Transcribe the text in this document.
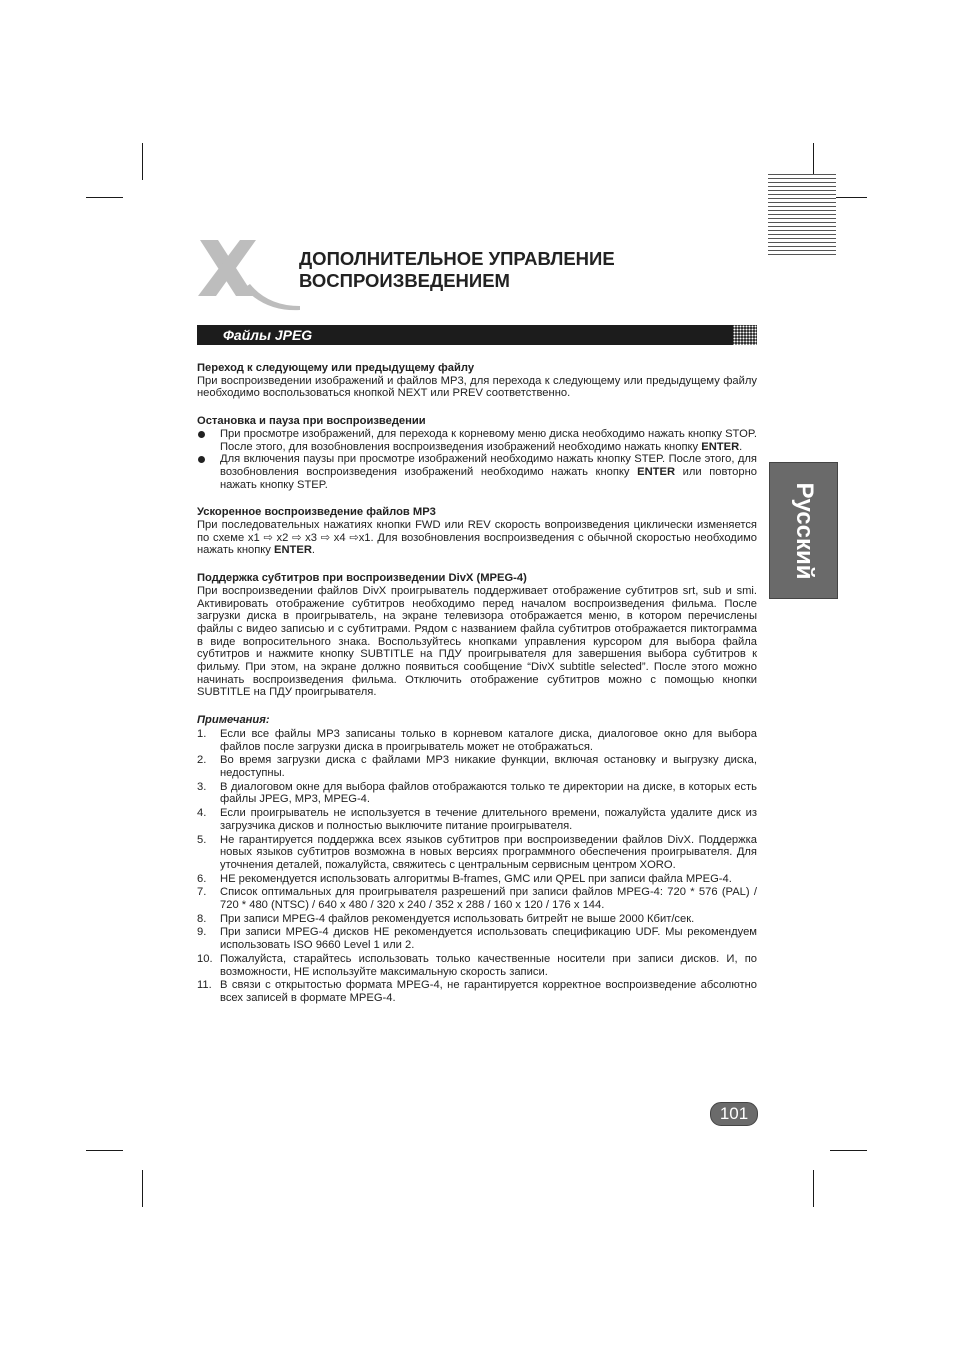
Русский
ДОПОЛНИТЕЛЬНОЕ УПРАВЛЕНИЕ
ВОСПРОИЗВЕДЕНИЕМ
Файлы JPEG

Переход к следующему или предыдущему файлу

При воспроизведении изображений и файлов MP3, для перехода к следующему или предыдущему файлу необходимо воспользоваться кнопкой NEXT или PREV соответственно.

Остановка и пауза при воспроизведении

При просмотре изображений, для перехода к корневому меню диска необходимо нажать кнопку STOP. После этого, для возобновления воспроизведения изображений необходимо нажать кнопку ENTER.

Для включения паузы при просмотре изображений необходимо нажать кнопку STEP. После этого, для возобновления воспроизведения изображений необходимо нажать кнопку ENTER или повторно нажать кнопку STEP.

Ускоренное воспроизведение файлов MP3

При последовательных нажатиях кнопки FWD или REV скорость вопроизведения циклически изменяется по схеме x1 ⇨ x2 ⇨ x3 ⇨ x4 ⇨x1. Для возобновления воспроизведения с обычной скоростью необходимо нажать кнопку ENTER.

Поддержка субтитров при воспроизведении DivX (MPEG-4)

При воспроизведении файлов DivX проигрыватель поддерживает отображение субтитров srt, sub и smi. Активировать отображение субтитров необходимо перед началом воспроизведения фильма. После загрузки диска в проигрыватель, на экране телевизора отображается меню, в котором перечислены файлы с видео записью и с субтитрами. Рядом с названием файла субтитров отображается пиктограмма в виде вопросительного знака. Воспользуйтесь кнопками управления курсором для выбора файла субтитров и нажмите кнопку SUBTITLE на ПДУ проигрывателя для завершения выбора субтитров к фильму. При этом, на экране должно появиться сообщение “DivX subtitle selected”. После этого можно начинать воспроизведения фильма. Отключить отображение субтитров можно с помощью кнопки SUBTITLE на ПДУ проигрывателя.

Примечания:

1. Если все файлы MP3 записаны только в корневом каталоге диска, диалоговое окно для выбора файлов после загрузки диска в проигрыватель может не отображаться.

2. Во время загрузки диска с файлами MP3 никакие функции, включая остановку и выгрузку диска, недоступны.

3. В диалоговом окне для выбора файлов отображаются только те директории на диске, в которых есть файлы JPEG, MP3, MPEG-4.

4. Если проигрыватель не используется в течение длительного времени, пожалуйста удалите диск из загрузчика дисков и полностью выключите питание проигрывателя.

5. Не гарантируется поддержка всех языков субтитров при воспроизведении файлов DivX. Поддержка новых языков субтитров возможна в новых версиях программного обеспечения проигрывателя. Для уточнения деталей, пожалуйста, свяжитесь с центральным сервисным центром XORO.

6. НЕ рекомендуется использовать алгоритмы B-frames, GMC или QPEL при записи файла MPEG-4.

7. Список оптимальных для проигрывателя разрешений при записи файлов MPEG-4: 720 * 576 (PAL) / 720 * 480 (NTSC) / 640 x 480 / 320 x 240 / 352 x 288 / 160 x 120 / 176 x 144.

8. При записи MPEG-4 файлов рекомендуется использовать битрейт не выше 2000 Кбит/сек.

9. При записи MPEG-4 дисков НЕ рекомендуется использовать спецификацию UDF. Мы рекомендуем использовать ISO 9660 Level 1 или 2.

10. Пожалуйста, старайтесь использовать только качественные носители при записи дисков. И, по возможности, НЕ используйте максимальную скорость записи.

11. В связи с открытостью формата MPEG-4, не гарантируется корректное воспроизведение абсолютно всех записей в формате MPEG-4.

101
